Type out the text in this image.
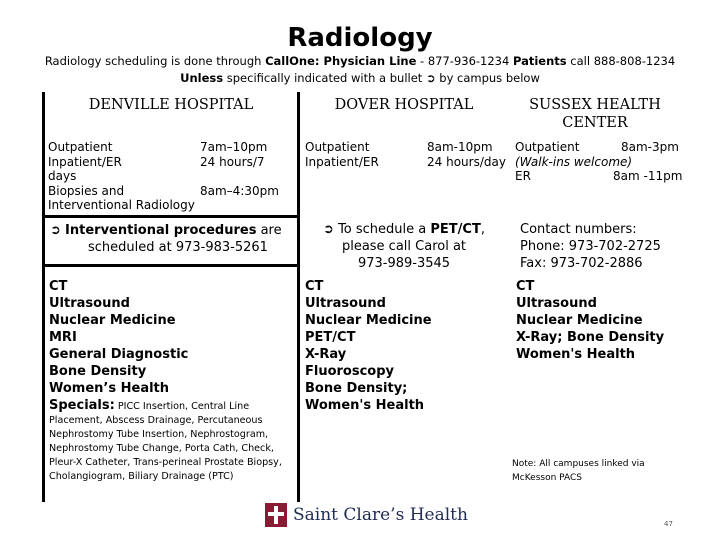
Radiology
Radiology scheduling is done through CallOne: Physician Line - 877-936-1234 Patients call 888-808-1234
Unless specifically indicated with a bullet ➲ by campus below
DENVILLE HOSPITAL
Outpatient	7am–10pm
Inpatient/ER	24 hours/7
days
Biopsies and	8am–4:30pm
Interventional Radiology
➲ Interventional procedures are
scheduled at 973-983-5261
CT
Ultrasound
Nuclear Medicine
MRI
General Diagnostic
Bone Density
Women’s Health
Specials: PICC Insertion, Central Line Placement, Abscess Drainage, Percutaneous Nephrostomy Tube Insertion, Nephrostogram, Nephrostomy Tube Change, Porta Cath, Check, Pleur-X Catheter, Trans-perineal Prostate Biopsy, Cholangiogram, Biliary Drainage (PTC)
DOVER HOSPITAL
Outpatient	8am-10pm
Inpatient/ER	24 hours/day
➲ To schedule a PET/CT,
please call Carol at
973-989-3545
CT
Ultrasound
Nuclear Medicine
PET/CT
X-Ray
Fluoroscopy
Bone Density;
Women's Health
SUSSEX HEALTH
CENTER
Outpatient	8am-3pm
(Walk-ins welcome)
ER	8am -11pm
Contact numbers:
Phone: 973-702-2725
Fax: 973-702-2886
CT
Ultrasound
Nuclear Medicine
X-Ray; Bone Density
Women's Health
Note: All campuses linked via McKesson PACS
Saint Clare’s Health	47
